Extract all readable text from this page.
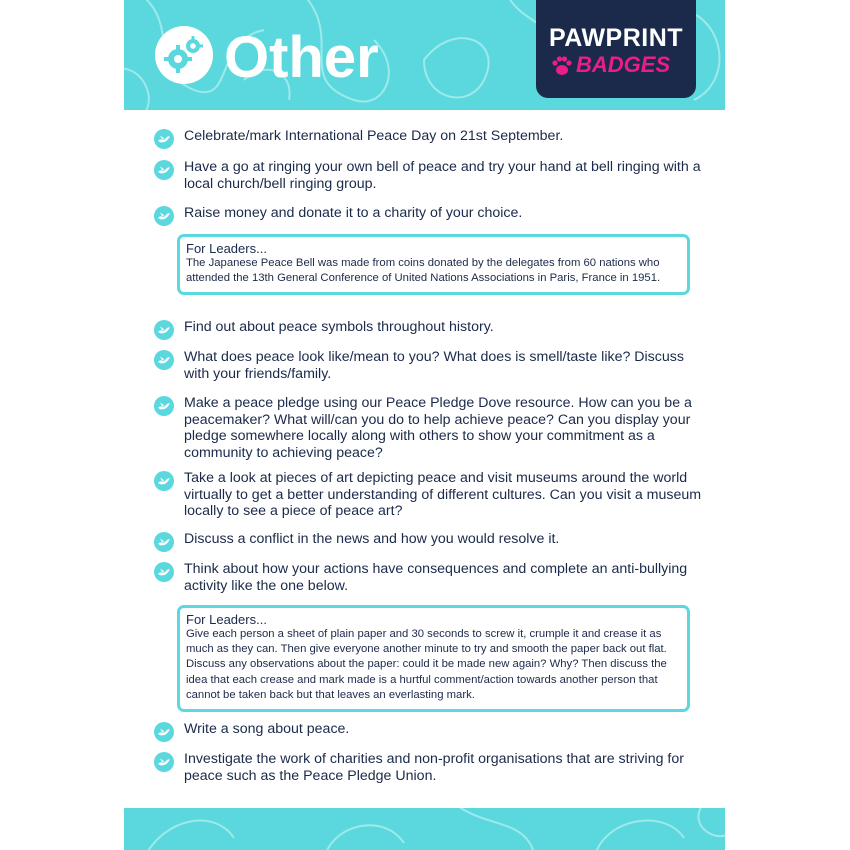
Other	PAWPRINT
BADGES
Celebrate/mark International Peace Day on 21st September.
Have a go at ringing your own bell of peace and try your hand at bell ringing with a local church/bell ringing group.
Raise money and donate it to a charity of your choice.
For Leaders...
The Japanese Peace Bell was made from coins donated by the delegates from 60 nations who attended the 13th General Conference of United Nations Associations in Paris, France in 1951.
Find out about peace symbols throughout history.
What does peace look like/mean to you? What does is smell/taste like? Discuss with your friends/family.
Make a peace pledge using our Peace Pledge Dove resource. How can you be a peacemaker? What will/can you do to help achieve peace? Can you display your pledge somewhere locally along with others to show your commitment as a community to achieving peace?
Take a look at pieces of art depicting peace and visit museums around the world virtually to get a better understanding of different cultures. Can you visit a museum locally to see a piece of peace art?
Discuss a conflict in the news and how you would resolve it.
Think about how your actions have consequences and complete an anti-bullying activity like the one below.
For Leaders...
Give each person a sheet of plain paper and 30 seconds to screw it, crumple it and crease it as much as they can. Then give everyone another minute to try and smooth the paper back out flat. Discuss any observations about the paper: could it be made new again? Why? Then discuss the idea that each crease and mark made is a hurtful comment/action towards another person that cannot be taken back but that leaves an everlasting mark.
Write a song about peace.
Investigate the work of charities and non-profit organisations that are striving for peace such as the Peace Pledge Union.
